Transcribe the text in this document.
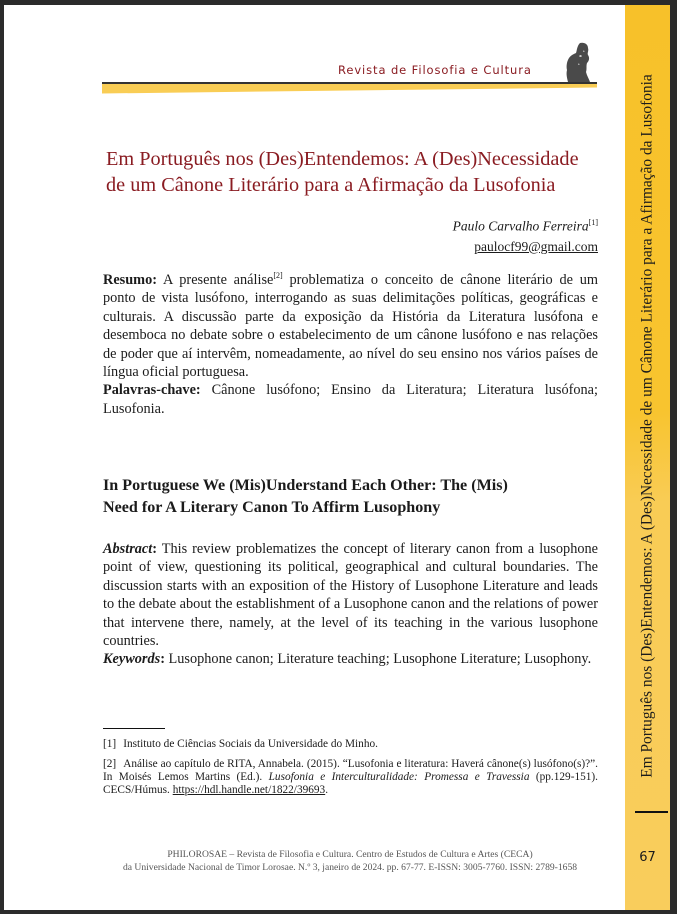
Revista de Filosofia e Cultura
Em Português nos (Des)Entendemos: A (Des)Necessidade
de um Cânone Literário para a Afirmação da Lusofonia
Paulo Carvalho Ferreira[1]
paulocf99@gmail.com

Resumo: A presente análise[2] problematiza o conceito de cânone literário de um ponto de vista lusófono, interrogando as suas delimitações políticas, geográficas e culturais. A discussão parte da exposição da História da Literatura lusófona e desemboca no debate sobre o estabelecimento de um cânone lusófono e nas relações de poder que aí intervêm, nomeadamente, ao nível do seu ensino nos vários países de língua oficial portuguesa.

Palavras-chave: Cânone lusófono; Ensino da Literatura; Literatura lusófona; Lusofonia.

In Portuguese We (Mis)Understand Each Other: The (Mis)
Need for A Literary Canon To Affirm Lusophony

Abstract: This review problematizes the concept of literary canon from a lusophone point of view, questioning its political, geographical and cultural boundaries. The discussion starts with an exposition of the History of Lusophone Literature and leads to the debate about the establishment of a Lusophone canon and the relations of power that intervene there, namely, at the level of its teaching in the various lusophone countries.

Keywords: Lusophone canon; Literature teaching; Lusophone Literature; Lusophony.

[1] Instituto de Ciências Sociais da Universidade do Minho.

[2] Análise ao capítulo de RITA, Annabela. (2015). “Lusofonia e literatura: Haverá cânone(s) lusófono(s)?”. In Moisés Lemos Martins (Ed.). Lusofonia e Interculturalidade: Promessa e Travessia (pp.129-151). CECS/Húmus. https://hdl.handle.net/1822/39693.

PHILOROSAE – Revista de Filosofia e Cultura. Centro de Estudos de Cultura e Artes (CECA)
da Universidade Nacional de Timor Lorosae. N.º 3, janeiro de 2024. pp. 67-77. E-ISSN: 3005-7760. ISSN: 2789-1658
Em Português nos (Des)Entendemos: A (Des)Necessidade de um Cânone Literário para a Afirmação da Lusofonia
67
